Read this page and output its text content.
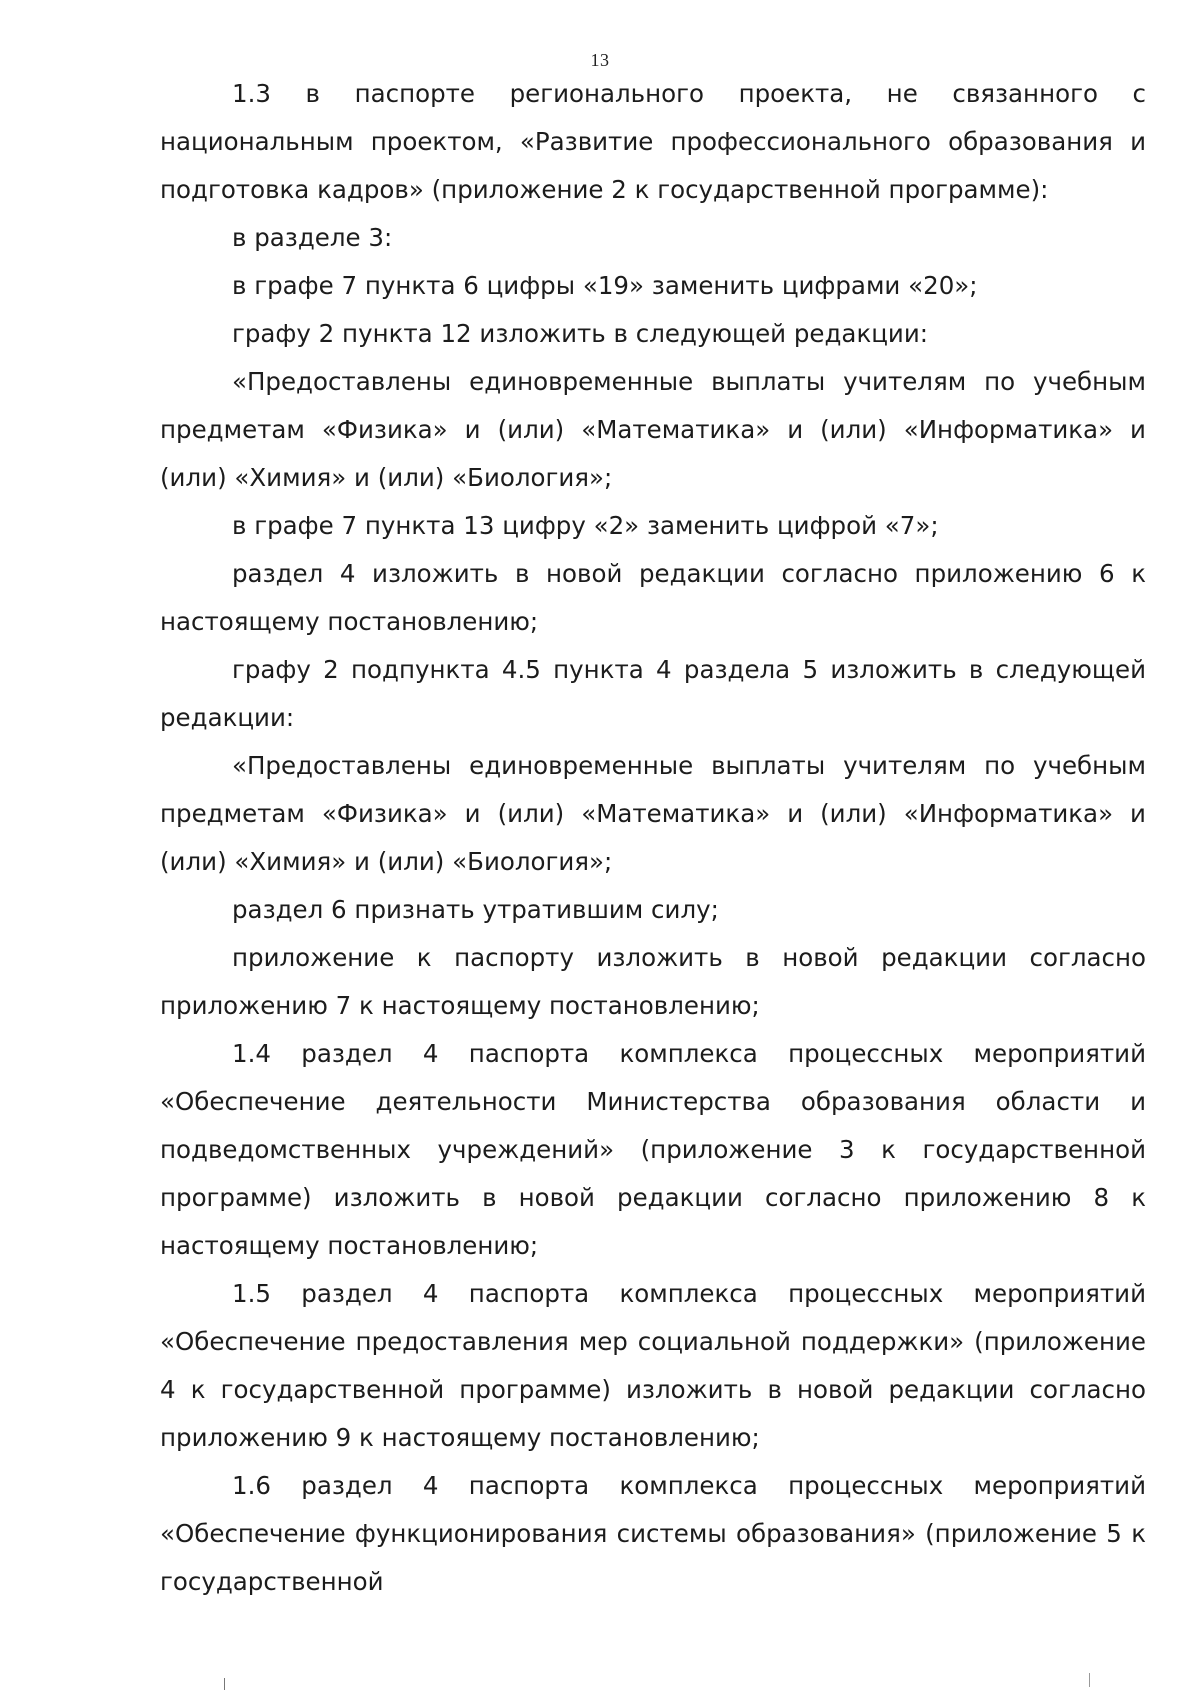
13

1.3 в паспорте регионального проекта, не связанного с национальным проектом, «Развитие профессионального образования и подготовка кадров» (приложение 2 к государственной программе):

в разделе 3:

в графе 7 пункта 6 цифры «19» заменить цифрами «20»;

графу 2 пункта 12 изложить в следующей редакции:

«Предоставлены единовременные выплаты учителям по учебным предметам «Физика» и (или) «Математика» и (или) «Информатика» и (или) «Химия» и (или) «Биология»;

в графе 7 пункта 13 цифру «2» заменить цифрой «7»;

раздел 4 изложить в новой редакции согласно приложению 6 к настоящему постановлению;

графу 2 подпункта 4.5 пункта 4 раздела 5 изложить в следующей редакции:

«Предоставлены единовременные выплаты учителям по учебным предметам «Физика» и (или) «Математика» и (или) «Информатика» и (или) «Химия» и (или) «Биология»;

раздел 6 признать утратившим силу;

приложение к паспорту изложить в новой редакции согласно приложению 7 к настоящему постановлению;

1.4 раздел 4 паспорта комплекса процессных мероприятий «Обеспечение деятельности Министерства образования области и подведомственных учреждений» (приложение 3 к государственной программе) изложить в новой редакции согласно приложению 8 к настоящему постановлению;

1.5 раздел 4 паспорта комплекса процессных мероприятий «Обеспечение предоставления мер социальной поддержки» (приложение 4 к государственной программе) изложить в новой редакции согласно приложению 9 к настоящему постановлению;

1.6 раздел 4 паспорта комплекса процессных мероприятий «Обеспечение функционирования системы образования» (приложение 5 к государственной
